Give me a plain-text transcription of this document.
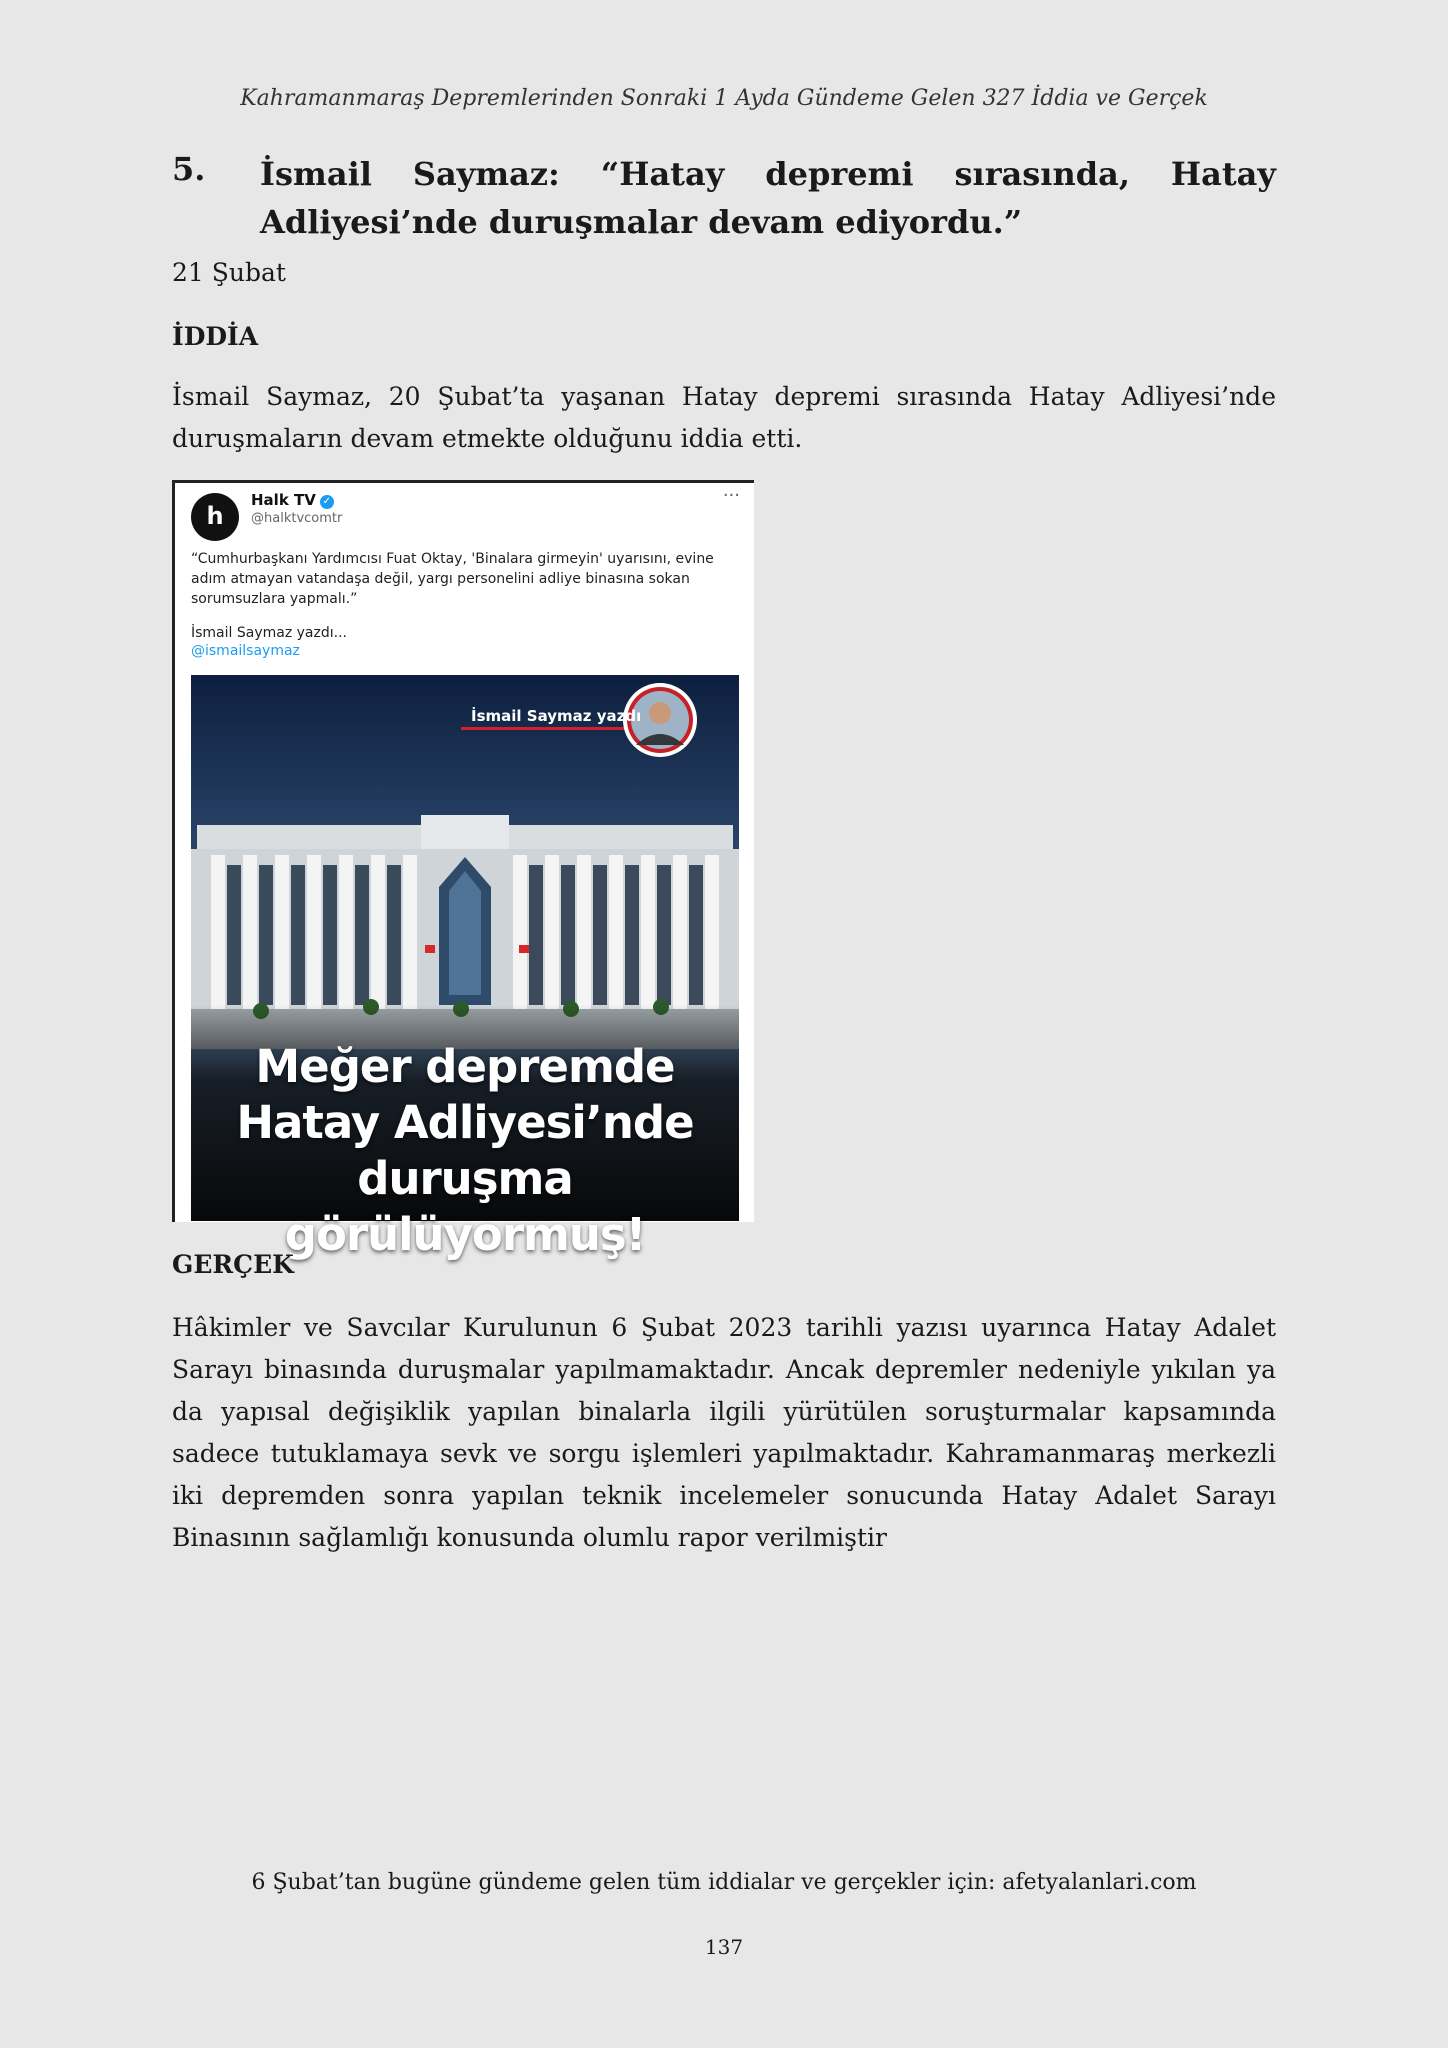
Kahramanmaraş Depremlerinden Sonraki 1 Ayda Gündeme Gelen 327 İddia ve Gerçek
5. İsmail Saymaz: “Hatay depremi sırasında, Hatay Adliyesi’nde duruşmalar devam ediyordu.”
21 Şubat
İDDİA
İsmail Saymaz, 20 Şubat’ta yaşanan Hatay depremi sırasında Hatay Adliyesi’nde duruşmaların devam etmekte olduğunu iddia etti.
h
Halk TV ✓
@halktvcomtr
···
“Cumhurbaşkanı Yardımcısı Fuat Oktay, 'Binalara girmeyin' uyarısını, evine adım atmayan vatandaşa değil, yargı personelini adliye binasına sokan sorumsuzlara yapmalı.”
İsmail Saymaz yazdı...
@ismailsaymaz
İsmail Saymaz yazdı
Meğer depremde
Hatay Adliyesi’nde
duruşma görülüyormuş!
GERÇEK
Hâkimler ve Savcılar Kurulunun 6 Şubat 2023 tarihli yazısı uyarınca Hatay Adalet Sarayı binasında duruşmalar yapılmamaktadır. Ancak depremler nedeniyle yıkılan ya da yapısal değişiklik yapılan binalarla ilgili yürütülen soruşturmalar kapsamında sadece tutuklamaya sevk ve sorgu işlemleri yapılmaktadır. Kahramanmaraş merkezli iki depremden sonra yapılan teknik incelemeler sonucunda Hatay Adalet Sarayı Binasının sağlamlığı konusunda olumlu rapor verilmiştir
6 Şubat’tan bugüne gündeme gelen tüm iddialar ve gerçekler için: afetyalanlari.com
137
